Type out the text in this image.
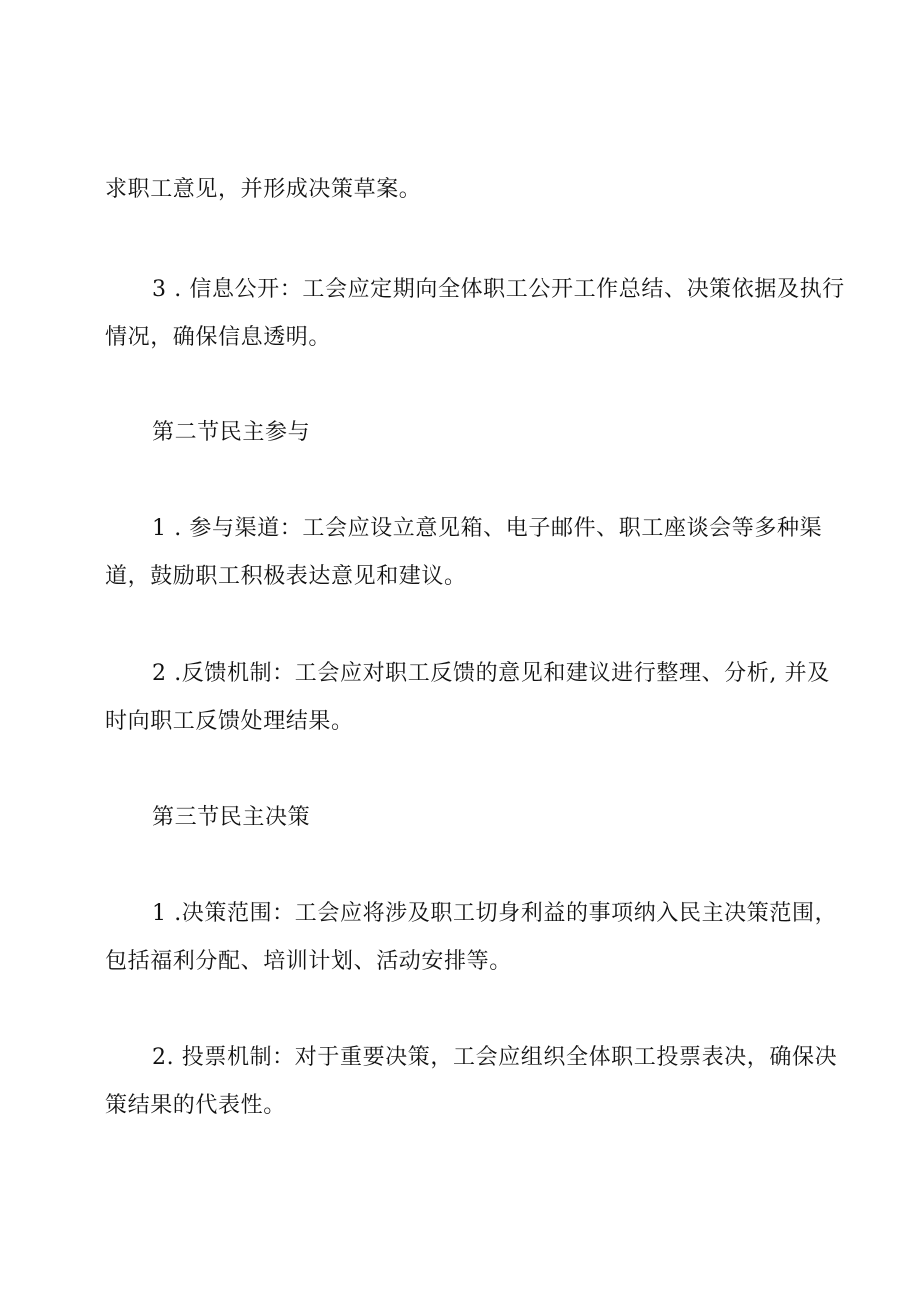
求职工意见，并形成决策草案。
3 . 信息公开：工会应定期向全体职工公开工作总结、决策依据及执行
情况，确保信息透明。
第二节民主参与
1 . 参与渠道：工会应设立意见箱、电子邮件、职工座谈会等多种渠
道，鼓励职工积极表达意见和建议。
2 .反馈机制：工会应对职工反馈的意见和建议进行整理、分析, 并及
时向职工反馈处理结果。
第三节民主决策
1 .决策范围：工会应将涉及职工切身利益的事项纳入民主决策范围，
包括福利分配、培训计划、活动安排等。
2. 投票机制：对于重要决策，工会应组织全体职工投票表决，确保决
策结果的代表性。
